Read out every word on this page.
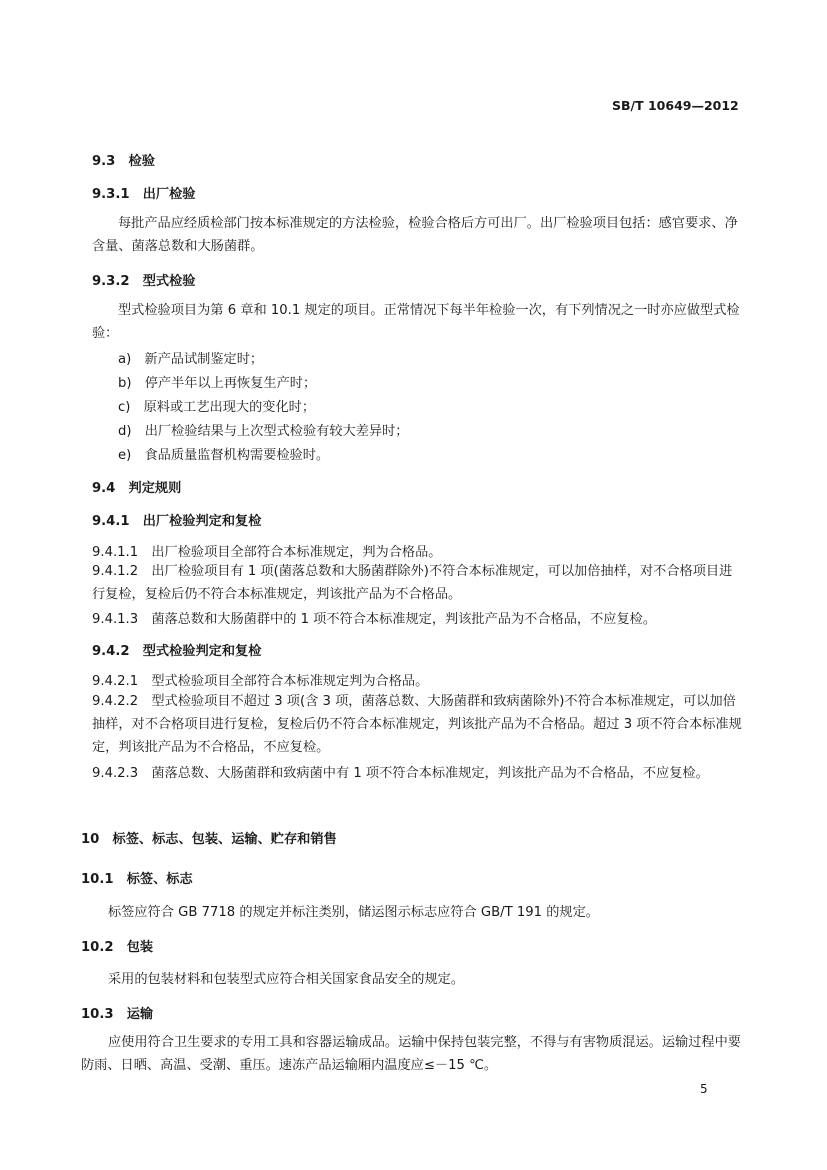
SB/T 10649—2012
9.3　检验
9.3.1　出厂检验
每批产品应经质检部门按本标准规定的方法检验，检验合格后方可出厂。出厂检验项目包括：感官要求、净含量、菌落总数和大肠菌群。
9.3.2　型式检验
型式检验项目为第 6 章和 10.1 规定的项目。正常情况下每半年检验一次，有下列情况之一时亦应做型式检验：
a)　新产品试制鉴定时；
b)　停产半年以上再恢复生产时；
c)　原料或工艺出现大的变化时；
d)　出厂检验结果与上次型式检验有较大差异时；
e)　食品质量监督机构需要检验时。
9.4　判定规则
9.4.1　出厂检验判定和复检
9.4.1.1　出厂检验项目全部符合本标准规定，判为合格品。
9.4.1.2　出厂检验项目有 1 项(菌落总数和大肠菌群除外)不符合本标准规定，可以加倍抽样，对不合格项目进行复检，复检后仍不符合本标准规定，判该批产品为不合格品。
9.4.1.3　菌落总数和大肠菌群中的 1 项不符合本标准规定，判该批产品为不合格品，不应复检。
9.4.2　型式检验判定和复检
9.4.2.1　型式检验项目全部符合本标准规定判为合格品。
9.4.2.2　型式检验项目不超过 3 项(含 3 项，菌落总数、大肠菌群和致病菌除外)不符合本标准规定，可以加倍抽样，对不合格项目进行复检，复检后仍不符合本标准规定，判该批产品为不合格品。超过 3 项不符合本标准规定，判该批产品为不合格品，不应复检。
9.4.2.3　菌落总数、大肠菌群和致病菌中有 1 项不符合本标准规定，判该批产品为不合格品，不应复检。
10　标签、标志、包装、运输、贮存和销售
10.1　标签、标志
标签应符合 GB 7718 的规定并标注类别，储运图示标志应符合 GB/T 191 的规定。
10.2　包装
采用的包装材料和包装型式应符合相关国家食品安全的规定。
10.3　运输
应使用符合卫生要求的专用工具和容器运输成品。运输中保持包装完整，不得与有害物质混运。运输过程中要防雨、日晒、高温、受潮、重压。速冻产品运输厢内温度应≤－15 ℃。
5
